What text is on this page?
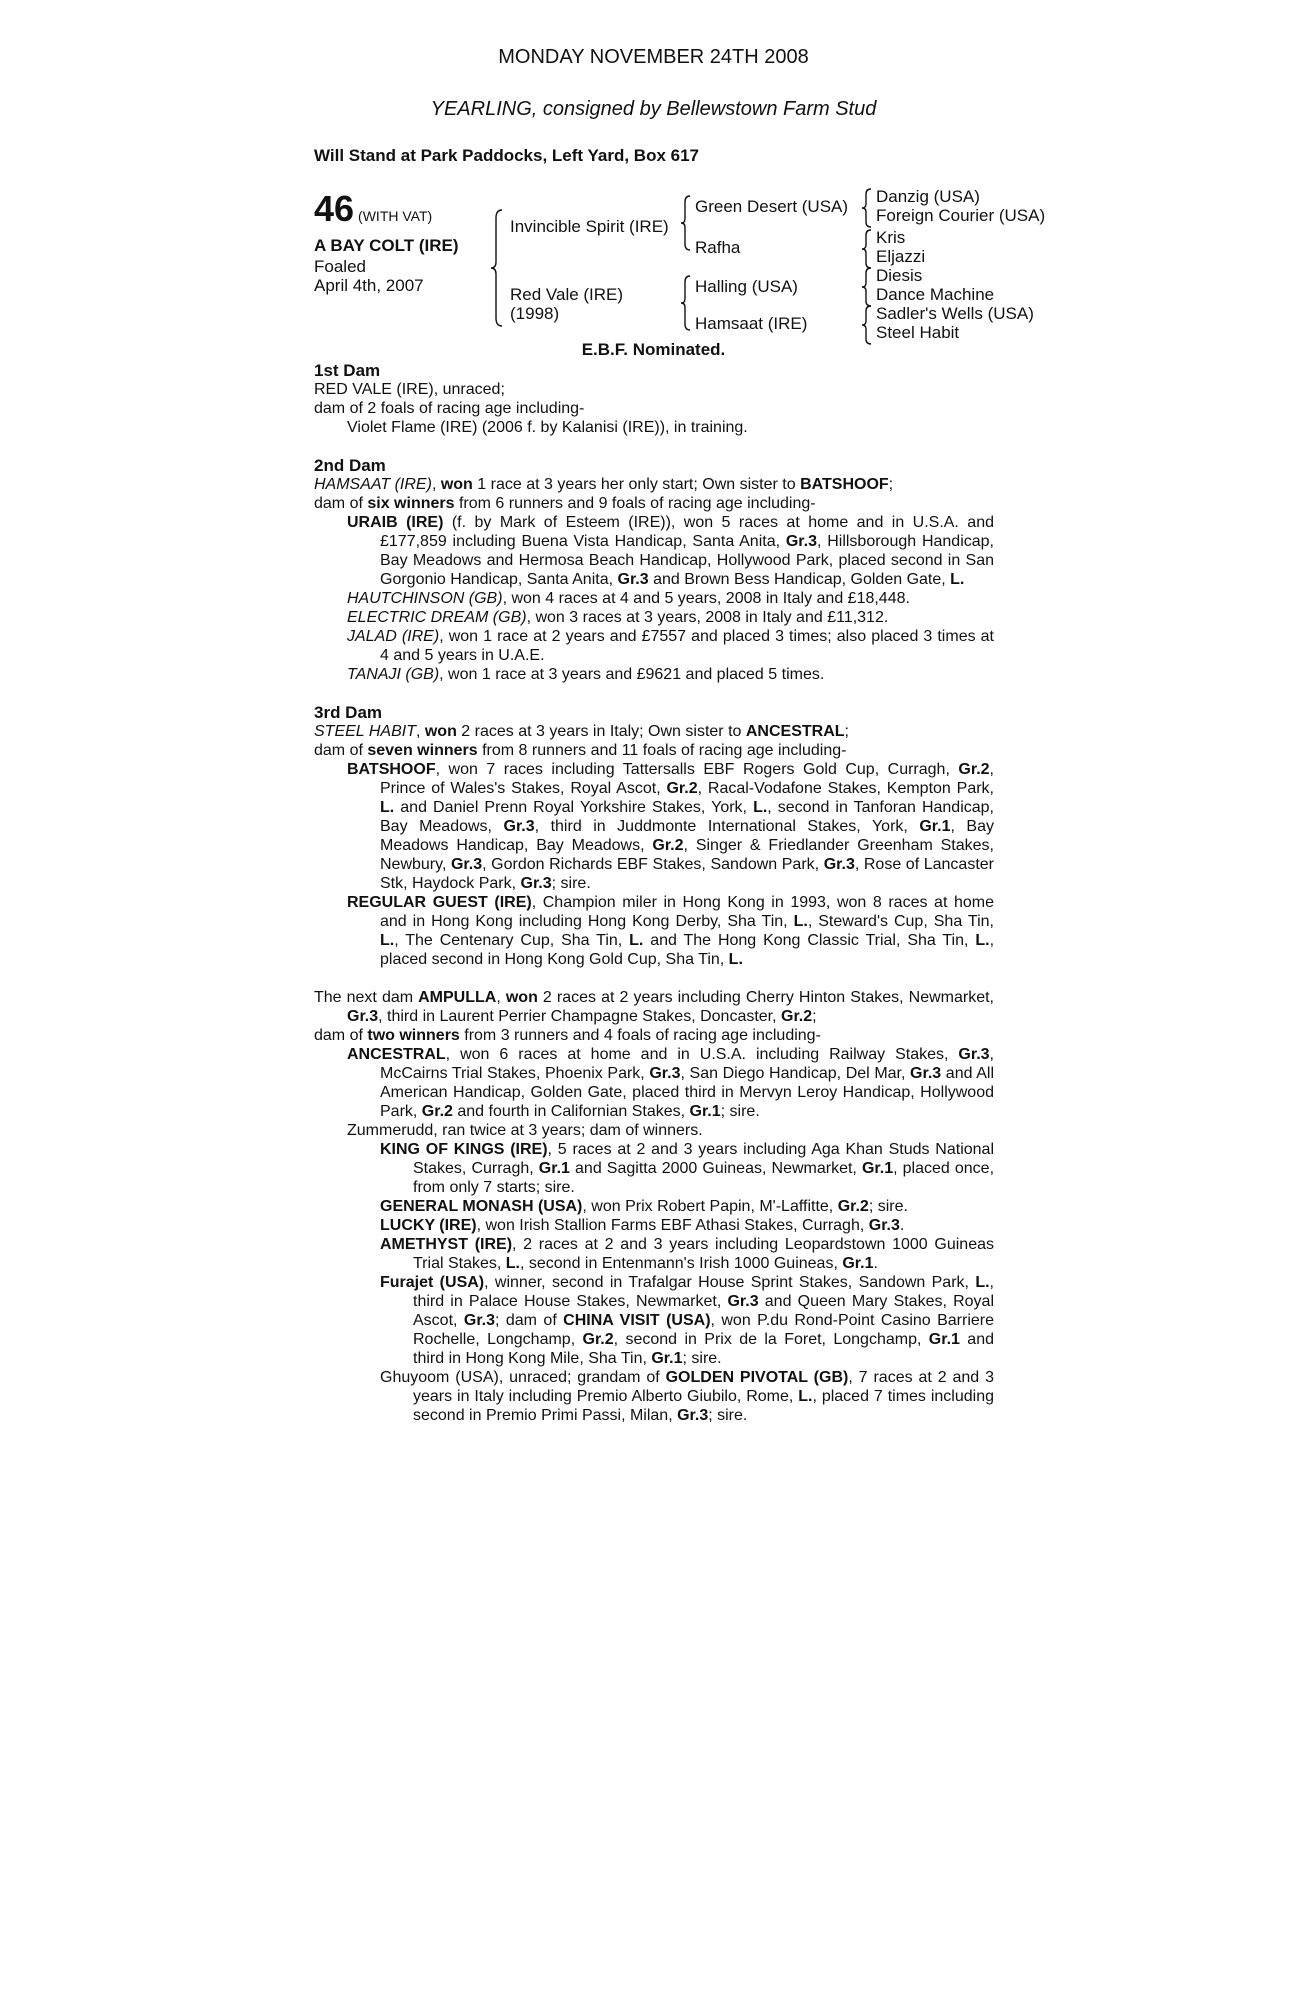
MONDAY NOVEMBER 24TH 2008
YEARLING, consigned by Bellewstown Farm Stud
Will Stand at Park Paddocks, Left Yard, Box 617
46 (WITH VAT)
A BAY COLT (IRE)
Foaled
April 4th, 2007
Invincible Spirit (IRE)
Red Vale (IRE)
(1998)
Green Desert (USA)
Rafha
Halling (USA)
Hamsaat (IRE)
Danzig (USA)
Foreign Courier (USA)
Kris
Eljazzi
Diesis
Dance Machine
Sadler's Wells (USA)
Steel Habit
E.B.F. Nominated.
1st Dam

RED VALE (IRE), unraced;

dam of 2 foals of racing age including-

Violet Flame (IRE) (2006 f. by Kalanisi (IRE)), in training.

2nd Dam

HAMSAAT (IRE), won 1 race at 3 years her only start; Own sister to BATSHOOF;

dam of six winners from 6 runners and 9 foals of racing age including-

URAIB (IRE) (f. by Mark of Esteem (IRE)), won 5 races at home and in U.S.A. and £177,859 including Buena Vista Handicap, Santa Anita, Gr.3, Hillsborough Handicap, Bay Meadows and Hermosa Beach Handicap, Hollywood Park, placed second in San Gorgonio Handicap, Santa Anita, Gr.3 and Brown Bess Handicap, Golden Gate, L.

HAUTCHINSON (GB), won 4 races at 4 and 5 years, 2008 in Italy and £18,448.

ELECTRIC DREAM (GB), won 3 races at 3 years, 2008 in Italy and £11,312.

JALAD (IRE), won 1 race at 2 years and £7557 and placed 3 times; also placed 3 times at 4 and 5 years in U.A.E.

TANAJI (GB), won 1 race at 3 years and £9621 and placed 5 times.

3rd Dam

STEEL HABIT, won 2 races at 3 years in Italy; Own sister to ANCESTRAL;

dam of seven winners from 8 runners and 11 foals of racing age including-

BATSHOOF, won 7 races including Tattersalls EBF Rogers Gold Cup, Curragh, Gr.2, Prince of Wales's Stakes, Royal Ascot, Gr.2, Racal-Vodafone Stakes, Kempton Park, L. and Daniel Prenn Royal Yorkshire Stakes, York, L., second in Tanforan Handicap, Bay Meadows, Gr.3, third in Juddmonte International Stakes, York, Gr.1, Bay Meadows Handicap, Bay Meadows, Gr.2, Singer & Friedlander Greenham Stakes, Newbury, Gr.3, Gordon Richards EBF Stakes, Sandown Park, Gr.3, Rose of Lancaster Stk, Haydock Park, Gr.3; sire.

REGULAR GUEST (IRE), Champion miler in Hong Kong in 1993, won 8 races at home and in Hong Kong including Hong Kong Derby, Sha Tin, L., Steward's Cup, Sha Tin, L., The Centenary Cup, Sha Tin, L. and The Hong Kong Classic Trial, Sha Tin, L., placed second in Hong Kong Gold Cup, Sha Tin, L.

The next dam AMPULLA, won 2 races at 2 years including Cherry Hinton Stakes, Newmarket, Gr.3, third in Laurent Perrier Champagne Stakes, Doncaster, Gr.2;

dam of two winners from 3 runners and 4 foals of racing age including-

ANCESTRAL, won 6 races at home and in U.S.A. including Railway Stakes, Gr.3, McCairns Trial Stakes, Phoenix Park, Gr.3, San Diego Handicap, Del Mar, Gr.3 and All American Handicap, Golden Gate, placed third in Mervyn Leroy Handicap, Hollywood Park, Gr.2 and fourth in Californian Stakes, Gr.1; sire.

Zummerudd, ran twice at 3 years; dam of winners.

KING OF KINGS (IRE), 5 races at 2 and 3 years including Aga Khan Studs National Stakes, Curragh, Gr.1 and Sagitta 2000 Guineas, Newmarket, Gr.1, placed once, from only 7 starts; sire.

GENERAL MONASH (USA), won Prix Robert Papin, M'-Laffitte, Gr.2; sire.

LUCKY (IRE), won Irish Stallion Farms EBF Athasi Stakes, Curragh, Gr.3.

AMETHYST (IRE), 2 races at 2 and 3 years including Leopardstown 1000 Guineas Trial Stakes, L., second in Entenmann's Irish 1000 Guineas, Gr.1.

Furajet (USA), winner, second in Trafalgar House Sprint Stakes, Sandown Park, L., third in Palace House Stakes, Newmarket, Gr.3 and Queen Mary Stakes, Royal Ascot, Gr.3; dam of CHINA VISIT (USA), won P.du Rond-Point Casino Barriere Rochelle, Longchamp, Gr.2, second in Prix de la Foret, Longchamp, Gr.1 and third in Hong Kong Mile, Sha Tin, Gr.1; sire.

Ghuyoom (USA), unraced; grandam of GOLDEN PIVOTAL (GB), 7 races at 2 and 3 years in Italy including Premio Alberto Giubilo, Rome, L., placed 7 times including second in Premio Primi Passi, Milan, Gr.3; sire.
